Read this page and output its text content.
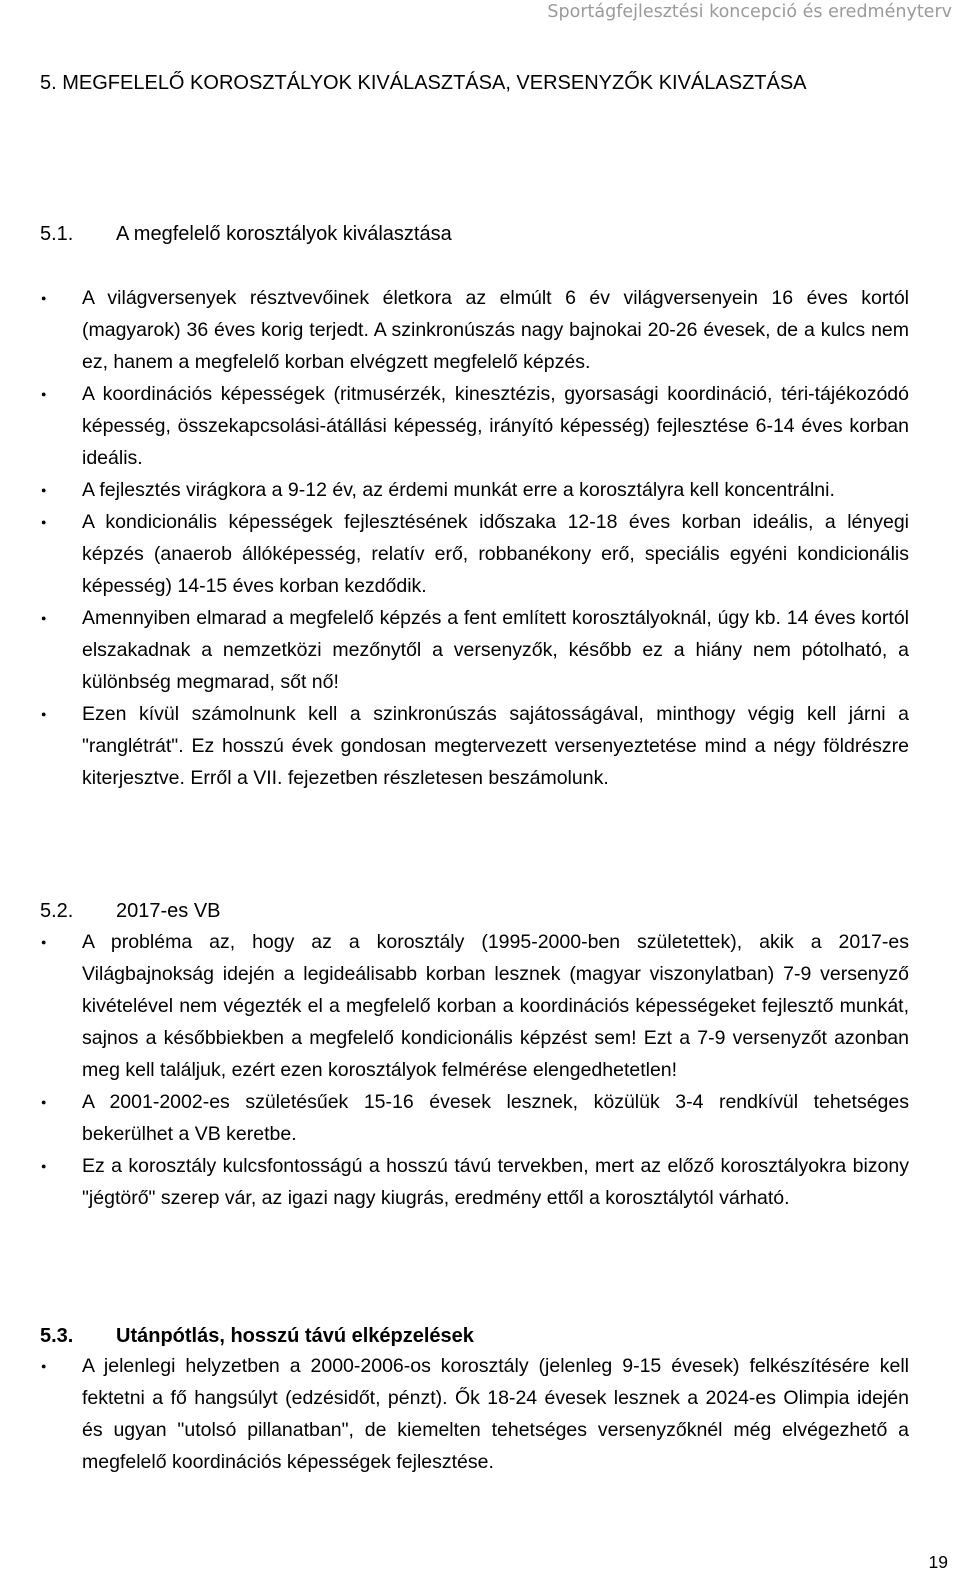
Sportágfejlesztési koncepció és eredményterv
5. MEGFELELŐ KOROSZTÁLYOK KIVÁLASZTÁSA, VERSENYZŐK KIVÁLASZTÁSA
5.1. A megfelelő korosztályok kiválasztása
● A világversenyek résztvevőinek életkora az elmúlt 6 év világversenyein 16 éves kortól (magyarok) 36 éves korig terjedt. A szinkronúszás nagy bajnokai 20-26 évesek, de a kulcs nem ez, hanem a megfelelő korban elvégzett megfelelő képzés.
● A koordinációs képességek (ritmusérzék, kinesztézis, gyorsasági koordináció, téri-tájékozódó képesség, összekapcsolási-átállási képesség, irányító képesség) fejlesztése 6-14 éves korban ideális.
● A fejlesztés virágkora a 9-12 év, az érdemi munkát erre a korosztályra kell koncentrálni.
● A kondicionális képességek fejlesztésének időszaka 12-18 éves korban ideális, a lényegi képzés (anaerob állóképesség, relatív erő, robbanékony erő, speciális egyéni kondicionális képesség) 14-15 éves korban kezdődik.
● Amennyiben elmarad a megfelelő képzés a fent említett korosztályoknál, úgy kb. 14 éves kortól elszakadnak a nemzetközi mezőnytől a versenyzők, később ez a hiány nem pótolható, a különbség megmarad, sőt nő!
● Ezen kívül számolnunk kell a szinkronúszás sajátosságával, minthogy végig kell járni a "ranglétrát". Ez hosszú évek gondosan megtervezett versenyeztetése mind a négy földrészre kiterjesztve. Erről a VII. fejezetben részletesen beszámolunk.
5.2. 2017-es VB
● A probléma az, hogy az a korosztály (1995-2000-ben születettek), akik a 2017-es Világbajnokság idején a legideálisabb korban lesznek (magyar viszonylatban) 7-9 versenyző kivételével nem végezték el a megfelelő korban a koordinációs képességeket fejlesztő munkát, sajnos a későbbiekben a megfelelő kondicionális képzést sem! Ezt a 7-9 versenyzőt azonban meg kell találjuk, ezért ezen korosztályok felmérése elengedhetetlen!
● A 2001-2002-es születésűek 15-16 évesek lesznek, közülük 3-4 rendkívül tehetséges bekerülhet a VB keretbe.
● Ez a korosztály kulcsfontosságú a hosszú távú tervekben, mert az előző korosztályokra bizony "jégtörő" szerep vár, az igazi nagy kiugrás, eredmény ettől a korosztálytól várható.
5.3. Utánpótlás, hosszú távú elképzelések
● A jelenlegi helyzetben a 2000-2006-os korosztály (jelenleg 9-15 évesek) felkészítésére kell fektetni a fő hangsúlyt (edzésidőt, pénzt). Ők 18-24 évesek lesznek a 2024-es Olimpia idején és ugyan "utolsó pillanatban", de kiemelten tehetséges versenyzőknél még elvégezhető a megfelelő koordinációs képességek fejlesztése.
19
